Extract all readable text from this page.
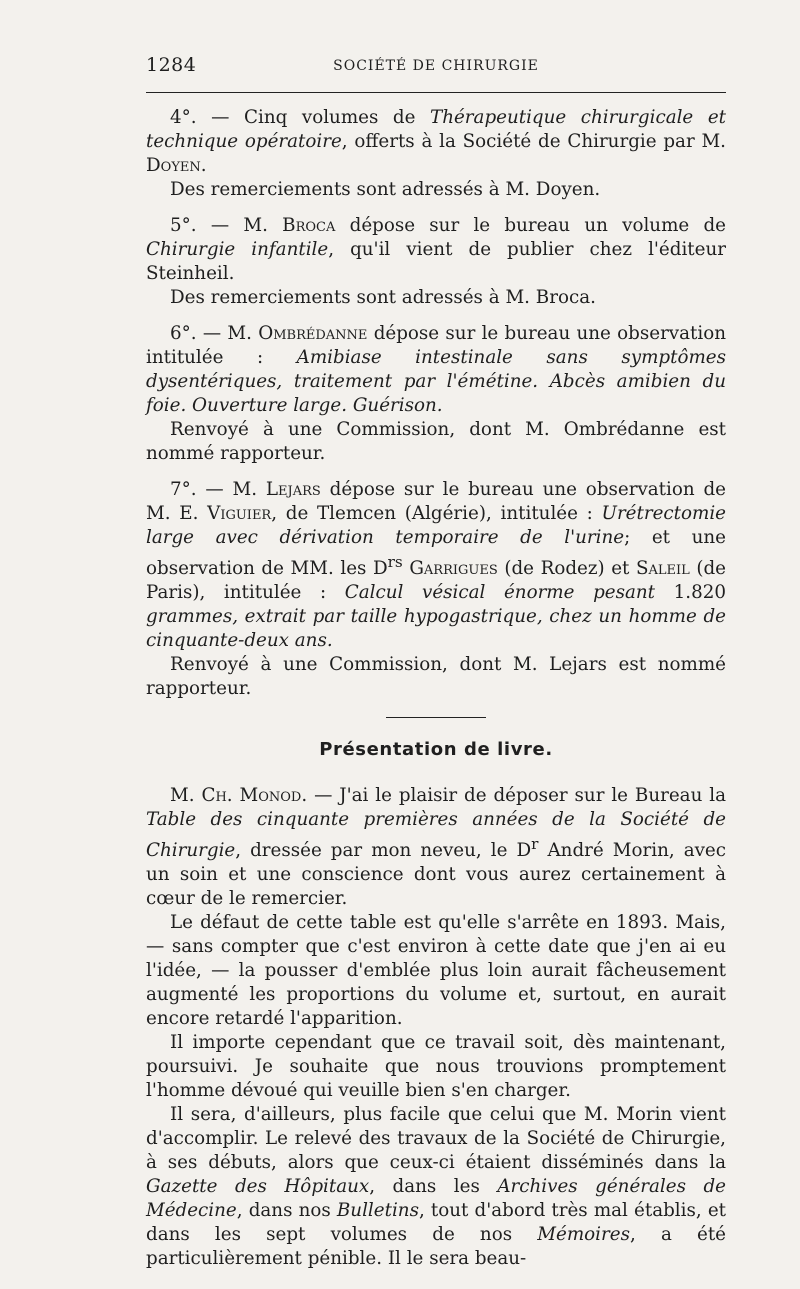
1284	SOCIÉTÉ DE CHIRURGIE

4°. — Cinq volumes de Thérapeutique chirurgicale et technique opératoire, offerts à la Société de Chirurgie par M. Doyen.

Des remerciements sont adressés à M. Doyen.

5°. — M. Broca dépose sur le bureau un volume de Chirurgie infantile, qu'il vient de publier chez l'éditeur Steinheil.

Des remerciements sont adressés à M. Broca.

6°. — M. Ombrédanne dépose sur le bureau une observation intitulée : Amibiase intestinale sans symptômes dysentériques, traitement par l'émétine. Abcès amibien du foie. Ouverture large. Guérison.

Renvoyé à une Commission, dont M. Ombrédanne est nommé rapporteur.

7°. — M. Lejars dépose sur le bureau une observation de M. E. Viguier, de Tlemcen (Algérie), intitulée : Urétrectomie large avec dérivation temporaire de l'urine; et une observation de MM. les $D^{rs}$ Garrigues (de Rodez) et Saleil (de Paris), intitulée : Calcul vésical énorme pesant 1.820 grammes, extrait par taille hypogastrique, chez un homme de cinquante-deux ans.

Renvoyé à une Commission, dont M. Lejars est nommé rapporteur.

Présentation de livre.

M. Ch. Monod. — J'ai le plaisir de déposer sur le Bureau la Table des cinquante premières années de la Société de Chirurgie, dressée par mon neveu, le $D^r$ André Morin, avec un soin et une conscience dont vous aurez certainement à cœur de le remercier.

Le défaut de cette table est qu'elle s'arrête en 1893. Mais, — sans compter que c'est environ à cette date que j'en ai eu l'idée, — la pousser d'emblée plus loin aurait fâcheusement augmenté les proportions du volume et, surtout, en aurait encore retardé l'apparition.

Il importe cependant que ce travail soit, dès maintenant, poursuivi. Je souhaite que nous trouvions promptement l'homme dévoué qui veuille bien s'en charger.

Il sera, d'ailleurs, plus facile que celui que M. Morin vient d'accomplir. Le relevé des travaux de la Société de Chirurgie, à ses débuts, alors que ceux-ci étaient disséminés dans la Gazette des Hôpitaux, dans les Archives générales de Médecine, dans nos Bulletins, tout d'abord très mal établis, et dans les sept volumes de nos Mémoires, a été particulièrement pénible. Il le sera beau-
